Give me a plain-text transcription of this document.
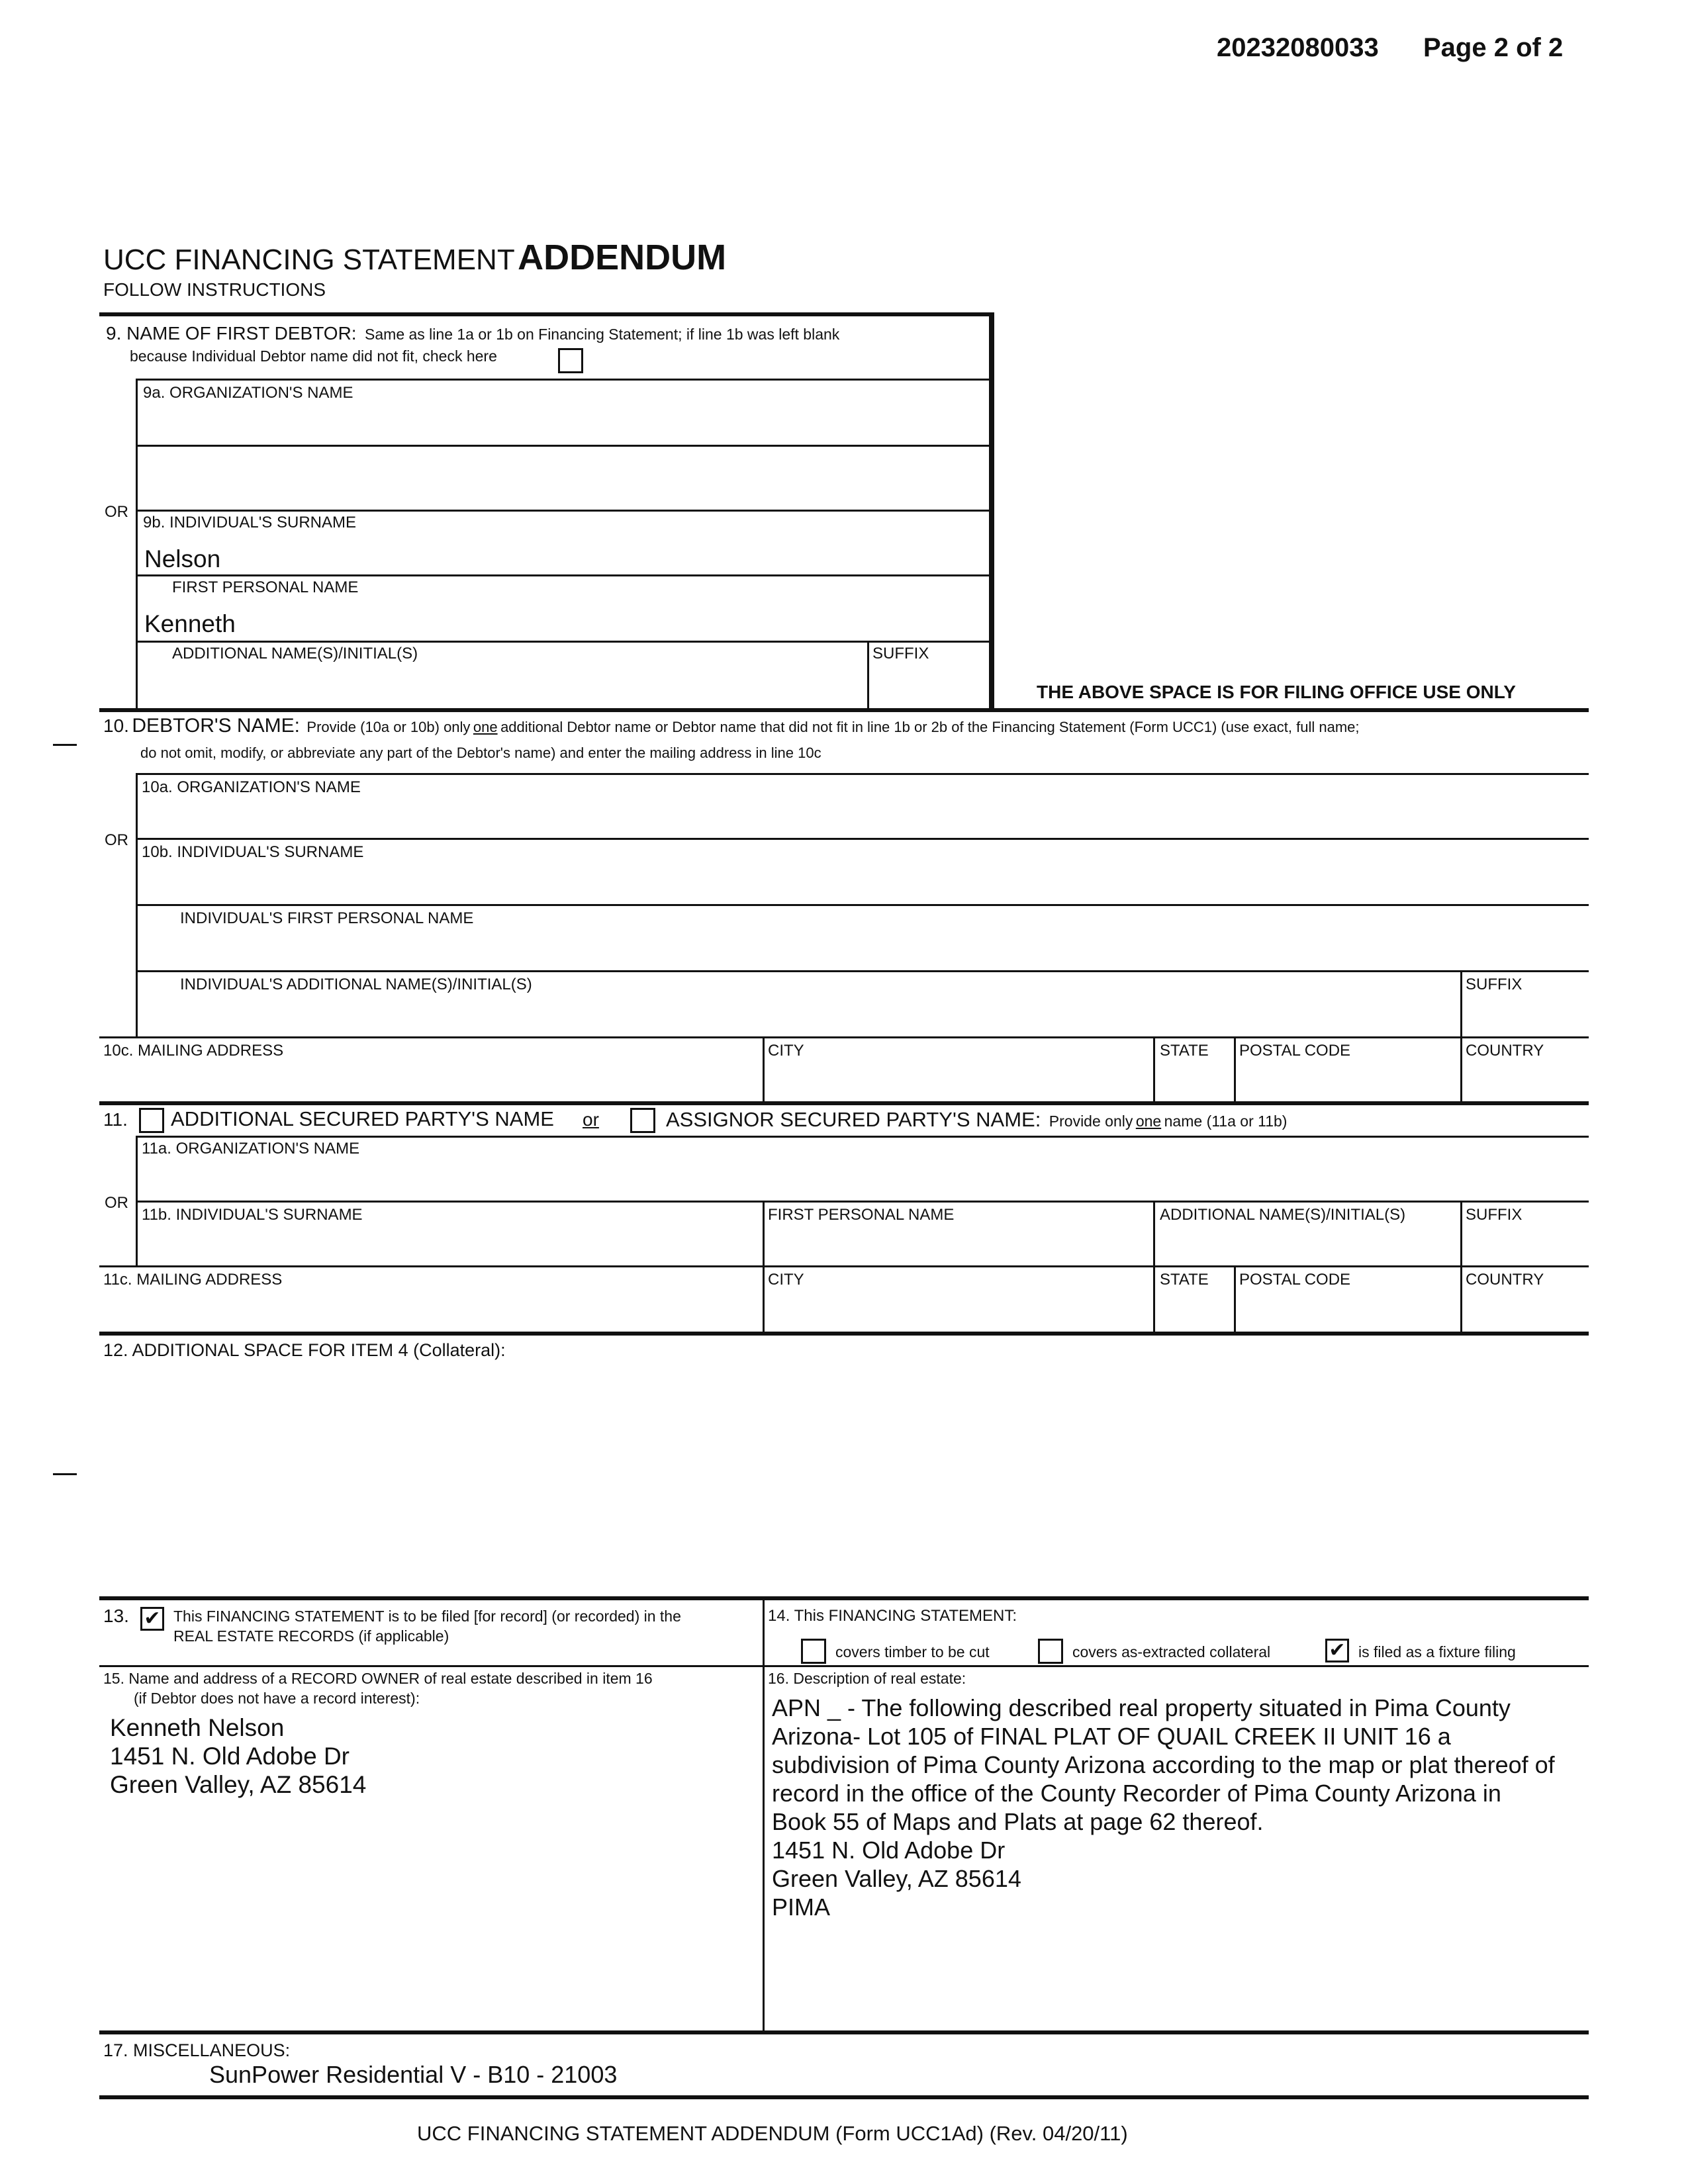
20232080033 Page 2 of 2
UCC FINANCING STATEMENT ADDENDUM
FOLLOW INSTRUCTIONS
9. NAME OF FIRST DEBTOR: Same as line 1a or 1b on Financing Statement; if line 1b was left blank
because Individual Debtor name did not fit, check here
9a. ORGANIZATION'S NAME
OR
9b. INDIVIDUAL'S SURNAME
Nelson
FIRST PERSONAL NAME
Kenneth
ADDITIONAL NAME(S)/INITIAL(S)	SUFFIX
THE ABOVE SPACE IS FOR FILING OFFICE USE ONLY
10. DEBTOR'S NAME: Provide (10a or 10b) only one additional Debtor name or Debtor name that did not fit in line 1b or 2b of the Financing Statement (Form UCC1) (use exact, full name;
do not omit, modify, or abbreviate any part of the Debtor's name) and enter the mailing address in line 10c
10a. ORGANIZATION'S NAME
OR
10b. INDIVIDUAL'S SURNAME
INDIVIDUAL'S FIRST PERSONAL NAME
INDIVIDUAL'S ADDITIONAL NAME(S)/INITIAL(S)	SUFFIX
10c. MAILING ADDRESS	CITY	STATE POSTAL CODE	COUNTRY
11. ADDITIONAL SECURED PARTY'S NAME or	ASSIGNOR SECURED PARTY'S NAME: Provide only one name (11a or 11b)
11a. ORGANIZATION'S NAME
OR
11b. INDIVIDUAL'S SURNAME	FIRST PERSONAL NAME	ADDITIONAL NAME(S)/INITIAL(S)	SUFFIX
11c. MAILING ADDRESS	CITY	STATE POSTAL CODE	COUNTRY
12. ADDITIONAL SPACE FOR ITEM 4 (Collateral):
13. ✔ This FINANCING STATEMENT is to be filed [for record] (or recorded) in the
REAL ESTATE RECORDS (if applicable)
14. This FINANCING STATEMENT:
covers timber to be cut	covers as-extracted collateral	✔ is filed as a fixture filing
15. Name and address of a RECORD OWNER of real estate described in item 16
(if Debtor does not have a record interest):
Kenneth Nelson
1451 N. Old Adobe Dr
Green Valley, AZ 85614
16. Description of real estate:
APN _ - The following described real property situated in Pima County
Arizona- Lot 105 of FINAL PLAT OF QUAIL CREEK II UNIT 16 a
subdivision of Pima County Arizona according to the map or plat thereof of
record in the office of the County Recorder of Pima County Arizona in
Book 55 of Maps and Plats at page 62 thereof.
1451 N. Old Adobe Dr
Green Valley, AZ 85614
PIMA
17. MISCELLANEOUS:
SunPower Residential V - B10 - 21003
UCC FINANCING STATEMENT ADDENDUM (Form UCC1Ad) (Rev. 04/20/11)
